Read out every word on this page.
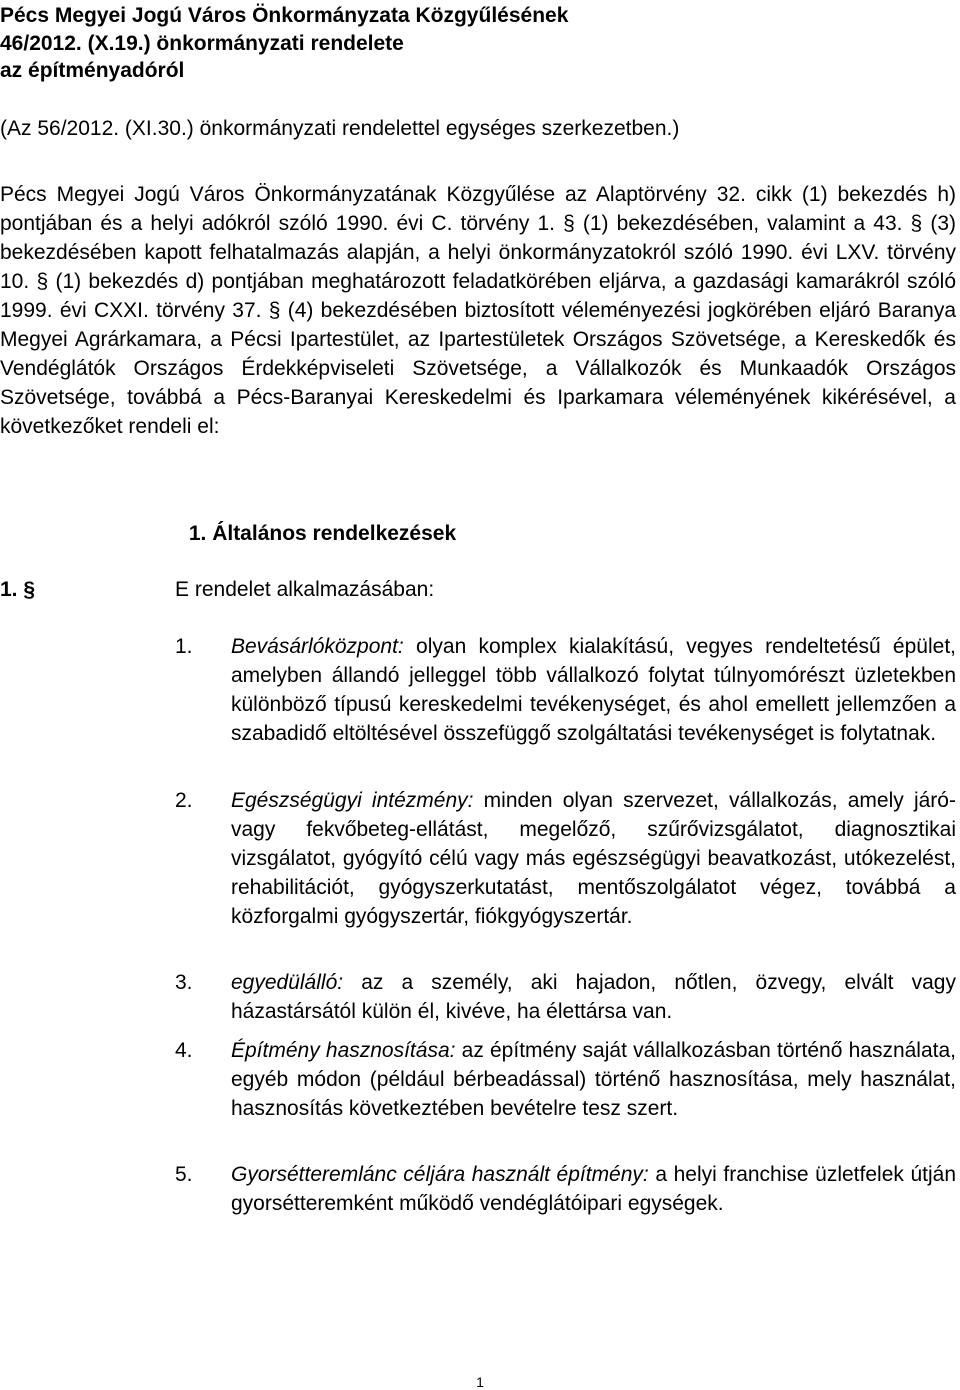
Pécs Megyei Jogú Város Önkormányzata Közgyűlésének
46/2012. (X.19.) önkormányzati rendelete
az építményadóról
(Az 56/2012. (XI.30.) önkormányzati rendelettel egységes szerkezetben.)
Pécs Megyei Jogú Város Önkormányzatának Közgyűlése az Alaptörvény 32. cikk (1) bekezdés h) pontjában és a helyi adókról szóló 1990. évi C. törvény 1. § (1) bekezdésében, valamint a 43. § (3) bekezdésében kapott felhatalmazás alapján, a helyi önkormányzatokról szóló 1990. évi LXV. törvény 10. § (1) bekezdés d) pontjában meghatározott feladatkörében eljárva, a gazdasági kamarákról szóló 1999. évi CXXI. törvény 37. § (4) bekezdésében biztosított véleményezési jogkörében eljáró Baranya Megyei Agrárkamara, a Pécsi Ipartestület, az Ipartestületek Országos Szövetsége, a Kereskedők és Vendéglátók Országos Érdekképviseleti Szövetsége, a Vállalkozók és Munkaadók Országos Szövetsége, továbbá a Pécs-Baranyai Kereskedelmi és Iparkamara véleményének kikérésével, a következőket rendeli el:
1. Általános rendelkezések
1. §	E rendelet alkalmazásában:
1. Bevásárlóközpont: olyan komplex kialakítású, vegyes rendeltetésű épület, amelyben állandó jelleggel több vállalkozó folytat túlnyomórészt üzletekben különböző típusú kereskedelmi tevékenységet, és ahol emellett jellemzően a szabadidő eltöltésével összefüggő szolgáltatási tevékenységet is folytatnak.
2. Egészségügyi intézmény: minden olyan szervezet, vállalkozás, amely járó- vagy fekvőbeteg-ellátást, megelőző, szűrővizsgálatot, diagnosztikai vizsgálatot, gyógyító célú vagy más egészségügyi beavatkozást, utókezelést, rehabilitációt, gyógyszerkutatást, mentőszolgálatot végez, továbbá a közforgalmi gyógyszertár, fiókgyógyszertár.
3. egyedülálló: az a személy, aki hajadon, nőtlen, özvegy, elvált vagy házastársától külön él, kivéve, ha élettársa van.
4. Építmény hasznosítása: az építmény saját vállalkozásban történő használata, egyéb módon (például bérbeadással) történő hasznosítása, mely használat, hasznosítás következtében bevételre tesz szert.
5. Gyorsétteremlánc céljára használt építmény: a helyi franchise üzletfelek útján gyorsétteremként működő vendéglátóipari egységek.
1
